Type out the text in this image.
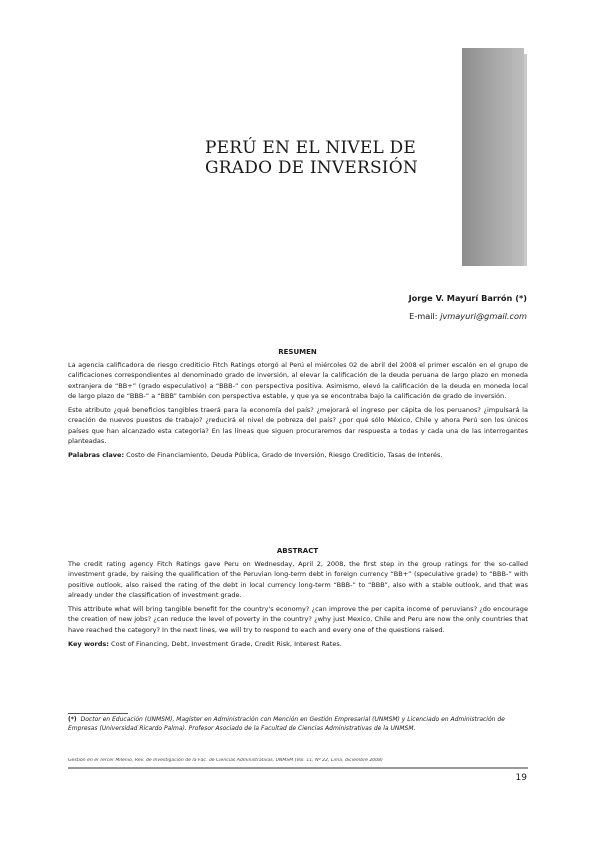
PERÚ EN EL NIVEL DE
GRADO DE INVERSIÓN
Jorge V. Mayurí Barrón (*)
E-mail: jvmayuri@gmail.com
RESUMEN

La agencia calificadora de riesgo crediticio Fitch Ratings otorgó al Perú el miércoles 02 de abril del 2008 el primer escalón en el grupo de calificaciones correspondientes al denominado grado de inversión, al elevar la calificación de la deuda peruana de largo plazo en moneda extranjera de “BB+” (grado especulativo) a “BBB-” con perspectiva positiva. Asimismo, elevó la calificación de la deuda en moneda local de largo plazo de “BBB-” a “BBB” también con perspectiva estable, y que ya se encontraba bajo la calificación de grado de inversión.

Este atributo ¿qué beneficios tangibles traerá para la economía del país? ¿mejorará el ingreso per cápita de los peruanos? ¿impulsará la creación de nuevos puestos de trabajo? ¿reducirá el nivel de pobreza del país? ¿por qué sólo México, Chile y ahora Perú son los únicos países que han alcanzado esta categoría? En las líneas que siguen procuraremos dar respuesta a todas y cada una de las interrogantes planteadas.

Palabras clave: Costo de Financiamiento, Deuda Pública, Grado de Inversión, Riesgo Crediticio, Tasas de Interés.

ABSTRACT

The credit rating agency Fitch Ratings gave Peru on Wednesday, April 2, 2008, the first step in the group ratings for the so-called investment grade, by raising the qualification of the Peruvian long-term debt in foreign currency “BB+” (speculative grade) to “BBB-” with positive outlook, also raised the rating of the debt in local currency long-term “BBB-” to “BBB”, also with a stable outlook, and that was already under the classification of investment grade.

This attribute what will bring tangible benefit for the country's economy? ¿can improve the per capita income of peruvians? ¿do encourage the creation of new jobs? ¿can reduce the level of poverty in the country? ¿why just Mexico, Chile and Peru are now the only countries that have reached the category? In the next lines, we will try to respond to each and every one of the questions raised.

Key words: Cost of Financing, Debt, Investment Grade, Credit Risk, Interest Rates.

(*) Doctor en Educación (UNMSM), Magíster en Administración con Mención en Gestión Empresarial (UNMSM) y Licenciado en Administración de Empresas (Universidad Ricardo Palma). Profesor Asociado de la Facultad de Ciencias Administrativas de la UNMSM.
Gestión en el Tercer Milenio, Rev. de Investigación de la Fac. de Ciencias Administrativas, UNMSM (Vol. 11, Nº 22, Lima, diciembre 2008)
19
